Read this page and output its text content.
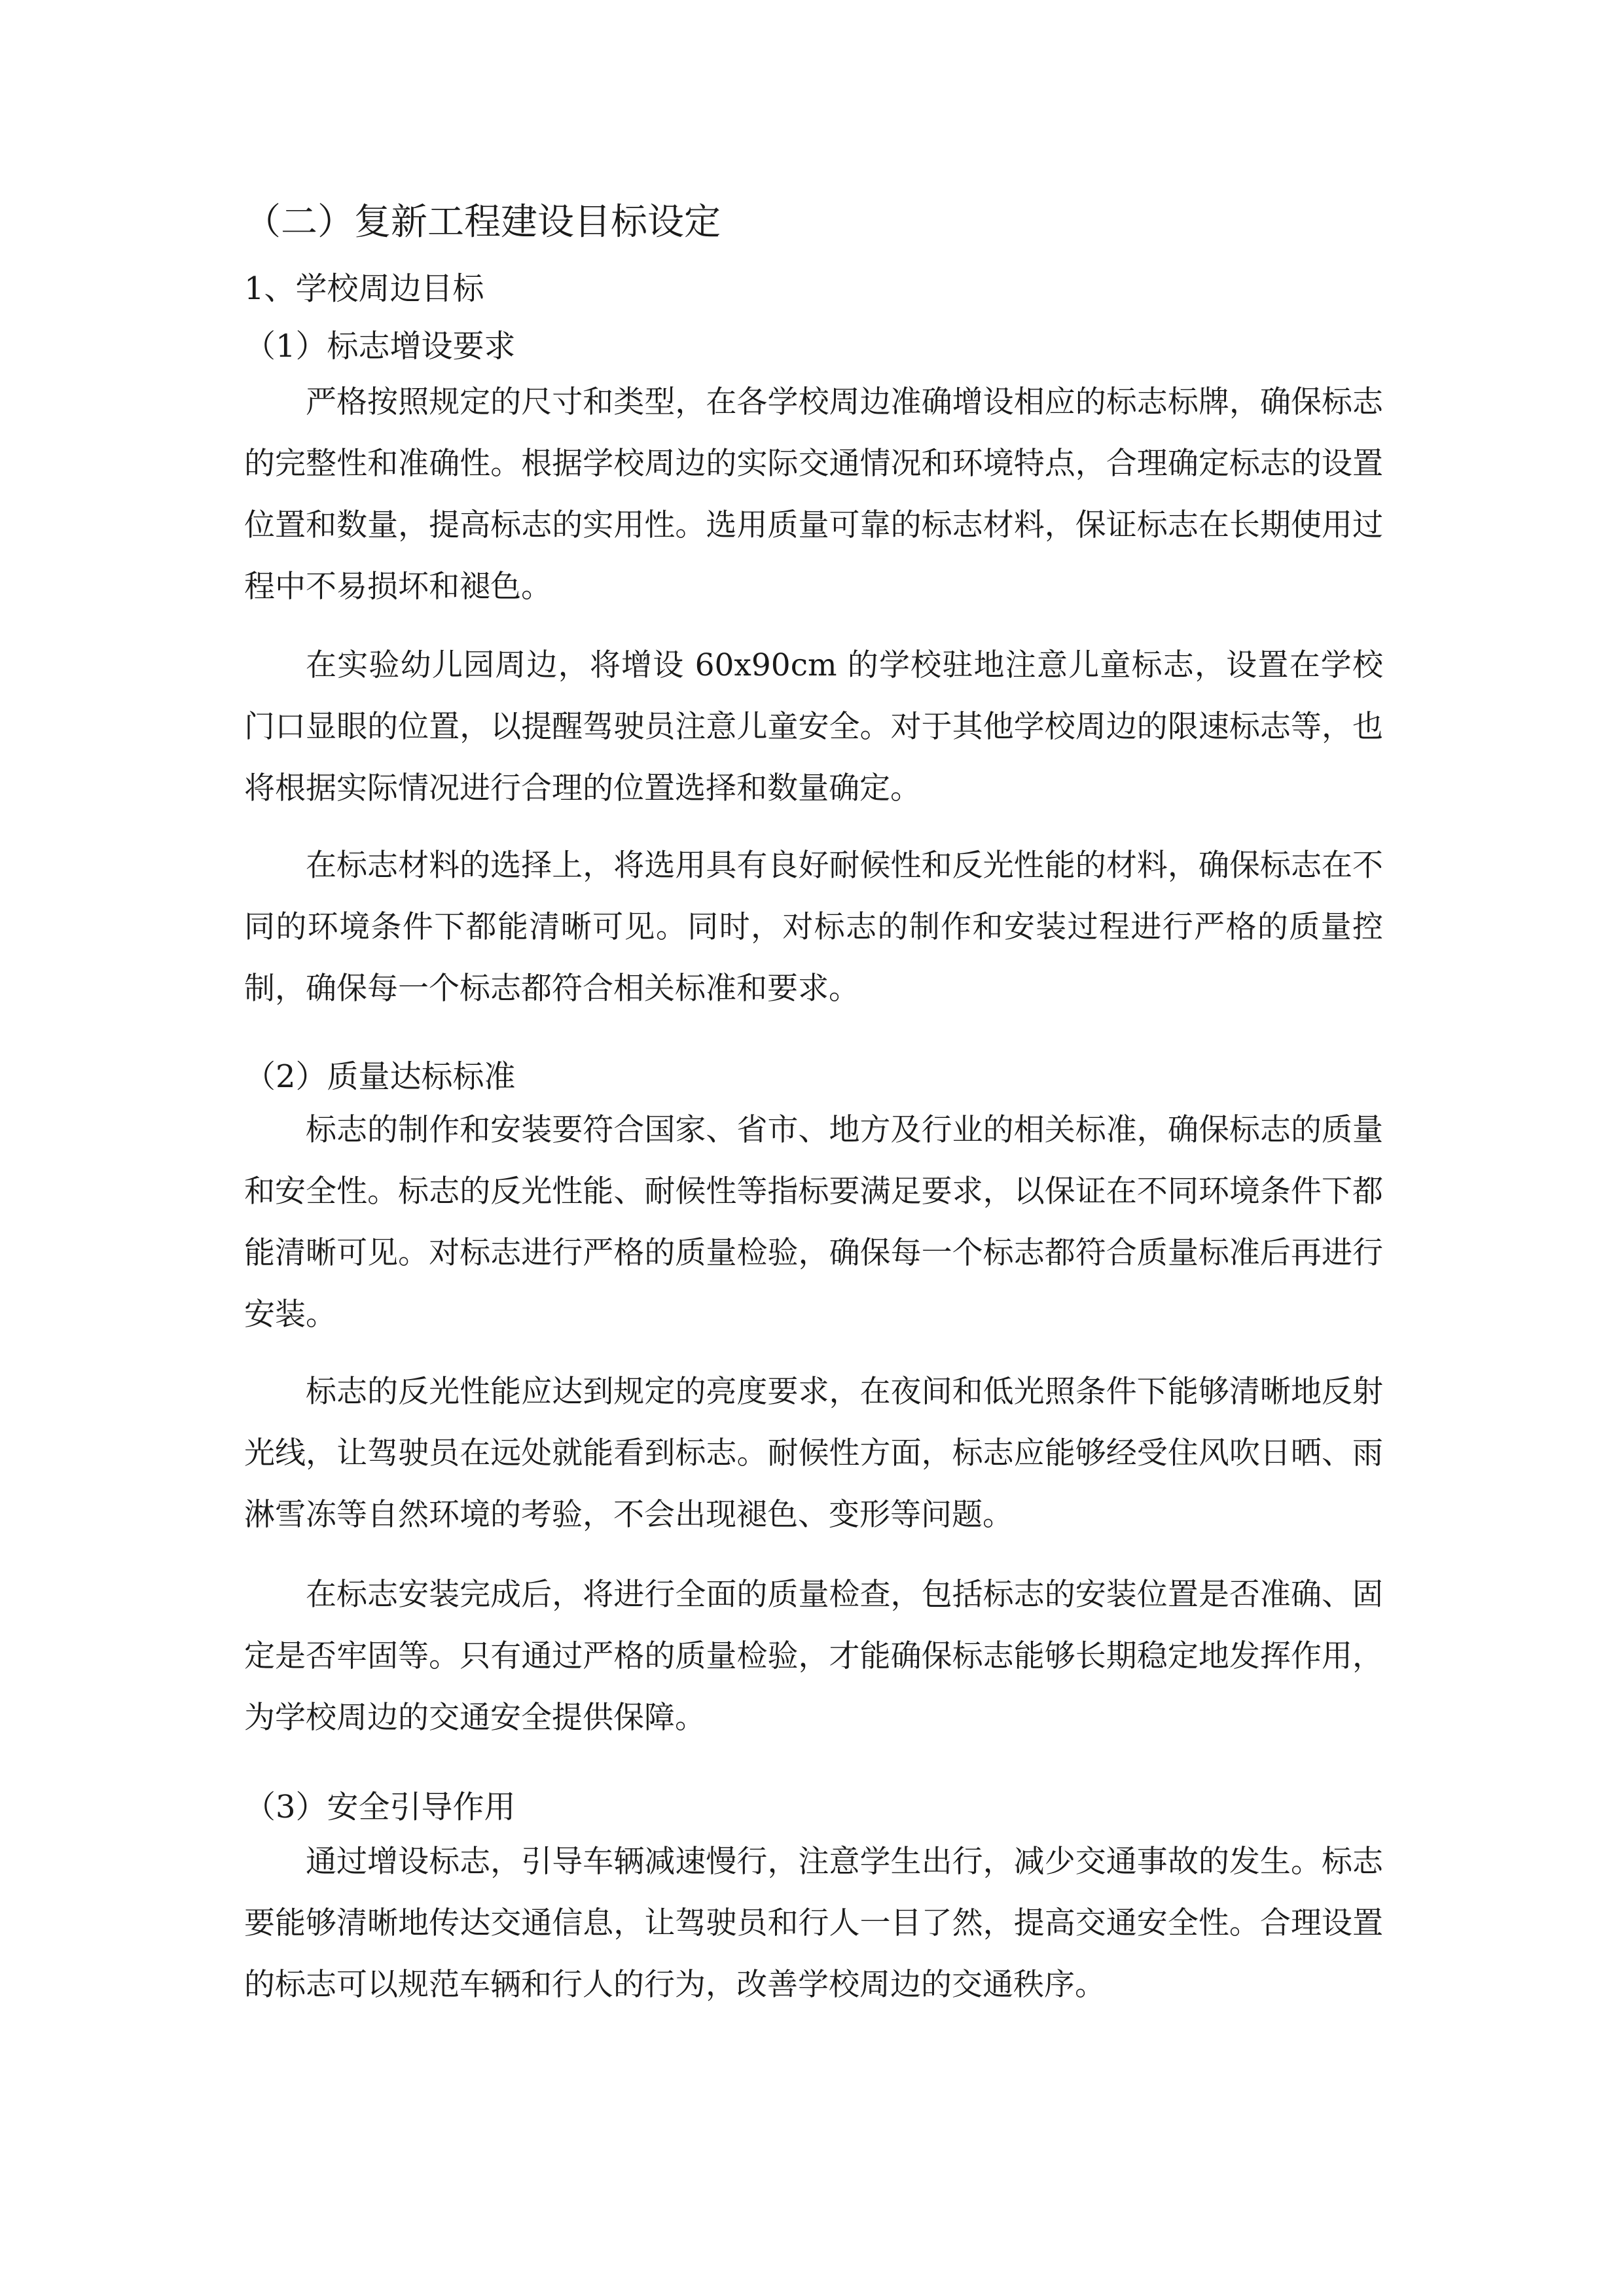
（二）复新工程建设目标设定
1、学校周边目标
（1）标志增设要求

严格按照规定的尺寸和类型，在各学校周边准确增设相应的标志标牌，确保标志的完整性和准确性。根据学校周边的实际交通情况和环境特点，合理确定标志的设置位置和数量，提高标志的实用性。选用质量可靠的标志材料，保证标志在长期使用过程中不易损坏和褪色。

在实验幼儿园周边，将增设 60x90cm 的学校驻地注意儿童标志，设置在学校门口显眼的位置，以提醒驾驶员注意儿童安全。对于其他学校周边的限速标志等，也将根据实际情况进行合理的位置选择和数量确定。

在标志材料的选择上，将选用具有良好耐候性和反光性能的材料，确保标志在不同的环境条件下都能清晰可见。同时，对标志的制作和安装过程进行严格的质量控制，确保每一个标志都符合相关标准和要求。

（2）质量达标标准

标志的制作和安装要符合国家、省市、地方及行业的相关标准，确保标志的质量和安全性。标志的反光性能、耐候性等指标要满足要求，以保证在不同环境条件下都能清晰可见。对标志进行严格的质量检验，确保每一个标志都符合质量标准后再进行安装。

标志的反光性能应达到规定的亮度要求，在夜间和低光照条件下能够清晰地反射光线，让驾驶员在远处就能看到标志。耐候性方面，标志应能够经受住风吹日晒、雨淋雪冻等自然环境的考验，不会出现褪色、变形等问题。

在标志安装完成后，将进行全面的质量检查，包括标志的安装位置是否准确、固定是否牢固等。只有通过严格的质量检验，才能确保标志能够长期稳定地发挥作用，为学校周边的交通安全提供保障。

（3）安全引导作用

通过增设标志，引导车辆减速慢行，注意学生出行，减少交通事故的发生。标志要能够清晰地传达交通信息，让驾驶员和行人一目了然，提高交通安全性。合理设置的标志可以规范车辆和行人的行为，改善学校周边的交通秩序。
